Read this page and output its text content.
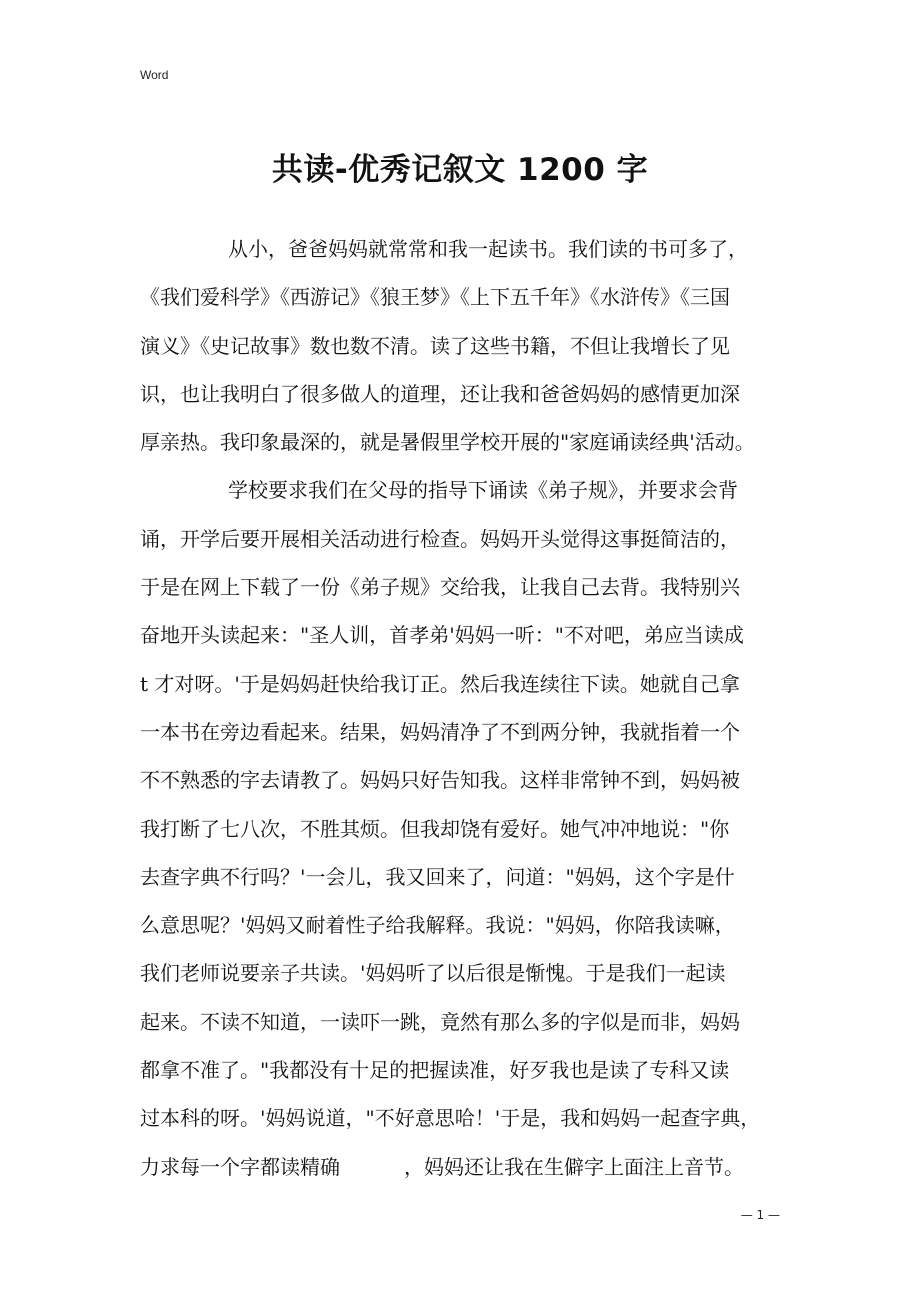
Word
共读-优秀记叙文 1200 字
从小，爸爸妈妈就常常和我一起读书。我们读的书可多了，
《我们爱科学》《西游记》《狼王梦》《上下五千年》《水浒传》《三国
演义》《史记故事》数也数不清。读了这些书籍，不但让我增长了见
识，也让我明白了很多做人的道理，还让我和爸爸妈妈的感情更加深
厚亲热。我印象最深的，就是暑假里学校开展的"家庭诵读经典'活动。
学校要求我们在父母的指导下诵读《弟子规》，并要求会背
诵，开学后要开展相关活动进行检查。妈妈开头觉得这事挺简洁的，
于是在网上下载了一份《弟子规》交给我，让我自己去背。我特别兴
奋地开头读起来："圣人训，首孝弟'妈妈一听："不对吧，弟应当读成
t 才对呀。'于是妈妈赶快给我订正。然后我连续往下读。她就自己拿
一本书在旁边看起来。结果，妈妈清净了不到两分钟，我就指着一个
不不熟悉的字去请教了。妈妈只好告知我。这样非常钟不到，妈妈被
我打断了七八次，不胜其烦。但我却饶有爱好。她气冲冲地说："你
去查字典不行吗？'一会儿，我又回来了，问道："妈妈，这个字是什
么意思呢？'妈妈又耐着性子给我解释。我说："妈妈，你陪我读嘛，
我们老师说要亲子共读。'妈妈听了以后很是惭愧。于是我们一起读
起来。不读不知道，一读吓一跳，竟然有那么多的字似是而非，妈妈
都拿不准了。"我都没有十足的把握读准，好歹我也是读了专科又读
过本科的呀。'妈妈说道，"不好意思哈！'于是，我和妈妈一起查字典，
力求每一个字都读精确	，妈妈还让我在生僻字上面注上音节。
— 1 —
